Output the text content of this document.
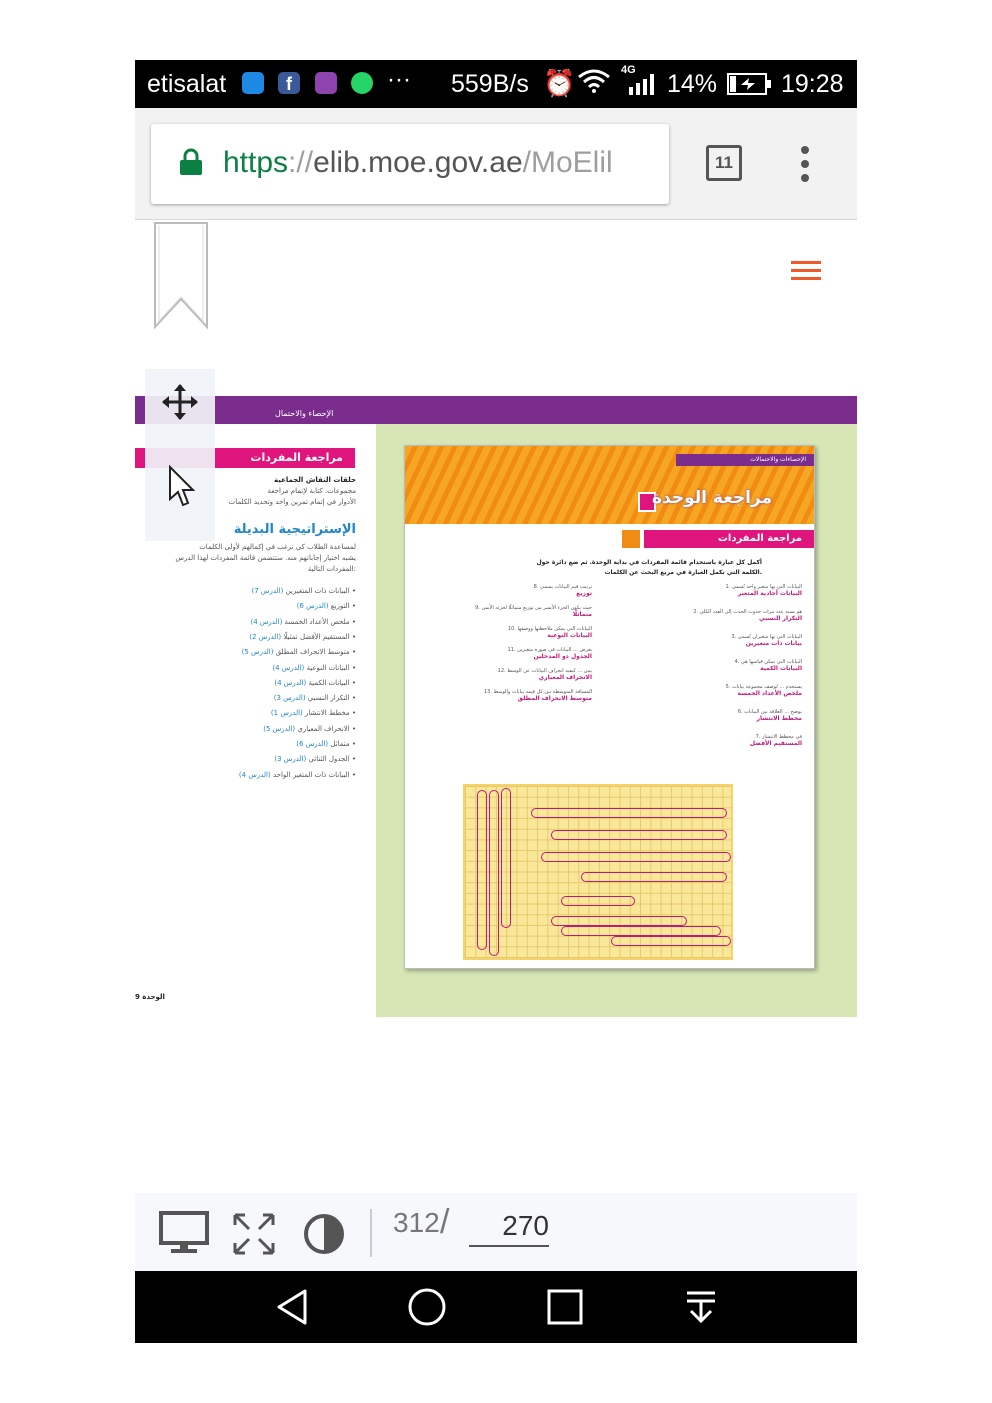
etisalat	f	··· 559B/s ⏰	4G 14%	19:28
https://elib.moe.gov.ae/MoElil	11
الإحصاء والاحتمال
مراجعة المفردات
حلقات النقاش الجماعية
مجموعات. كتابة لإتمام مراجعة
الأدوار في إتمام تمرين واحد وتحديد الكلمات
الإستراتيجية البديلة
لمساعدة الطلاب كي ترغب في إكمالهم لأولى الكلمات
يشبه اختيار إجاباتهم منه. ستتضمن قائمة المفردات لهذا الدرس
المفردات التالية:
(الدرس 7) البيانات ذات المتغيرين •
(الدرس 6) التوزيع •
(الدرس 4) ملخص الأعداد الخمسة •
(الدرس 2) المستقيم الأفضل تمثيلًا •
(الدرس 5) متوسط الانحراف المطلق •
(الدرس 4) البيانات النوعية •
(الدرس 4) البيانات الكمية •
(الدرس 3) التكرار النسبي •
(الدرس 1) مخطط الانتشار •
(الدرس 5) الانحراف المعياري •
(الدرس 6) متماثل •
(الدرس 3) الجدول الثنائي •
(الدرس 4) البيانات ذات المتغير الواحد •
الوحدة 9
الإحصاءات والاحتمالات
مراجعة الوحدة
مراجعة المفردات
أكمل كل عبارة باستخدام قائمة المفردات في بداية الوحدة. ثم ضع دائرة حول الكلمة التي تكمل العبارة في مربع البحث عن الكلمات.
البيانات التي بها متغير واحد تُسمى .1
البيانات أحادية المتغير
هو نسبة عدد مرات حدوث الحدث إلى العدد الكلي .2
التكرار النسبي
البيانات التي بها متغيران تُسمى .3
بيانات ذات متغيرين
البيانات التي يمكن قياسها هي .4
البيانات الكمية
يستخدم ... لوصف مجموعة بيانات .5
ملخص الأعداد الخمسة
يوضح ... العلاقة بين البيانات .6
مخطط الانتشار
في مخطط الانتشار .7
المستقيم الأفضل
ترتيب قيم البيانات يسمى .8
توزيع
حيث يكون الجزء الأيسر من توزيع متماثلًا لجزئه الأيمن .9
متماثلًا
البيانات التي يمكن ملاحظتها ووصفها .10
البيانات النوعية
يعرض ... البيانات في صورة متغيرين .11
الجدول ذو المدخلين
يبين ... كيفية انحراف البيانات عن الوسط .12
الانحراف المعياري
المسافة المتوسطة بين كل قيمة بيانات والوسط .13
متوسط الانحراف المطلق
312 /
270
